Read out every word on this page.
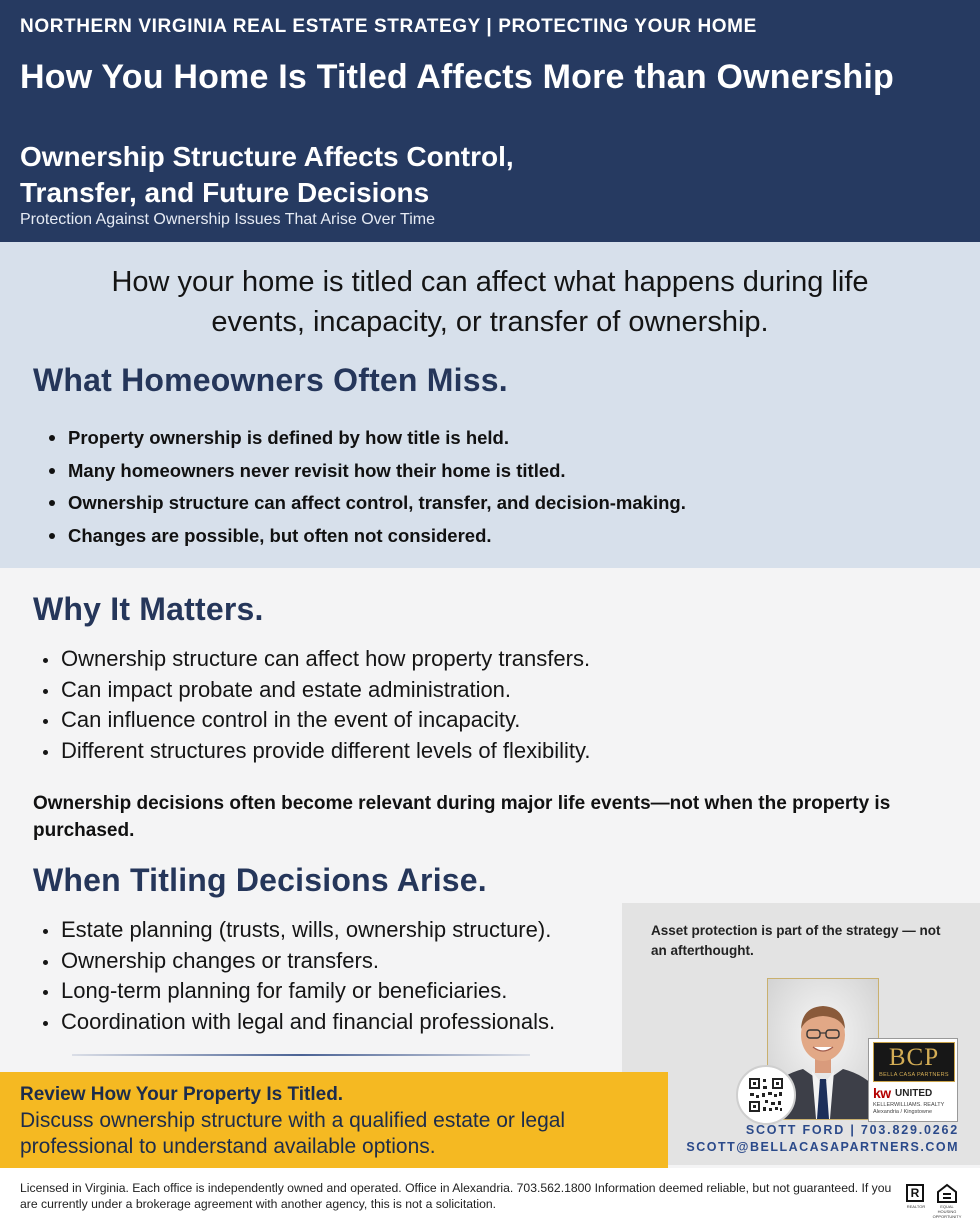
NORTHERN VIRGINIA REAL ESTATE STRATEGY | PROTECTING YOUR HOME
How You Home Is Titled Affects More than Ownership
Ownership Structure Affects Control,
Transfer, and Future Decisions
Protection Against Ownership Issues That Arise Over Time
How your home is titled can affect what happens during life
events, incapacity, or transfer of ownership.
What Homeowners Often Miss.
Property ownership is defined by how title is held.
Many homeowners never revisit how their home is titled.
Ownership structure can affect control, transfer, and decision-making.
Changes are possible, but often not considered.
Why It Matters.
Ownership structure can affect how property transfers.
Can impact probate and estate administration.
Can influence control in the event of incapacity.
Different structures provide different levels of flexibility.
Ownership decisions often become relevant during major life events—not when the property is purchased.
When Titling Decisions Arise.
Estate planning (trusts, wills, ownership structure).
Ownership changes or transfers.
Long-term planning for family or beneficiaries.
Coordination with legal and financial professionals.
Asset protection is part of the strategy — not an afterthought.
BCP
BELLA CASA PARTNERS
kw UNITED
KELLERWILLIAMS. REALTY
Alexandria / Kingstowne
SCOTT FORD | 703.829.0262
SCOTT@BELLACASAPARTNERS.COM
Review How Your Property Is Titled.
Discuss ownership structure with a qualified estate or legal professional to understand available options.
Licensed in Virginia. Each office is independently owned and operated. Office in Alexandria. 703.562.1800 Information deemed reliable, but not guaranteed. If you are currently under a brokerage agreement with another agency, this is not a solicitation.
R
REALTOR	EQUAL HOUSING OPPORTUNITY
